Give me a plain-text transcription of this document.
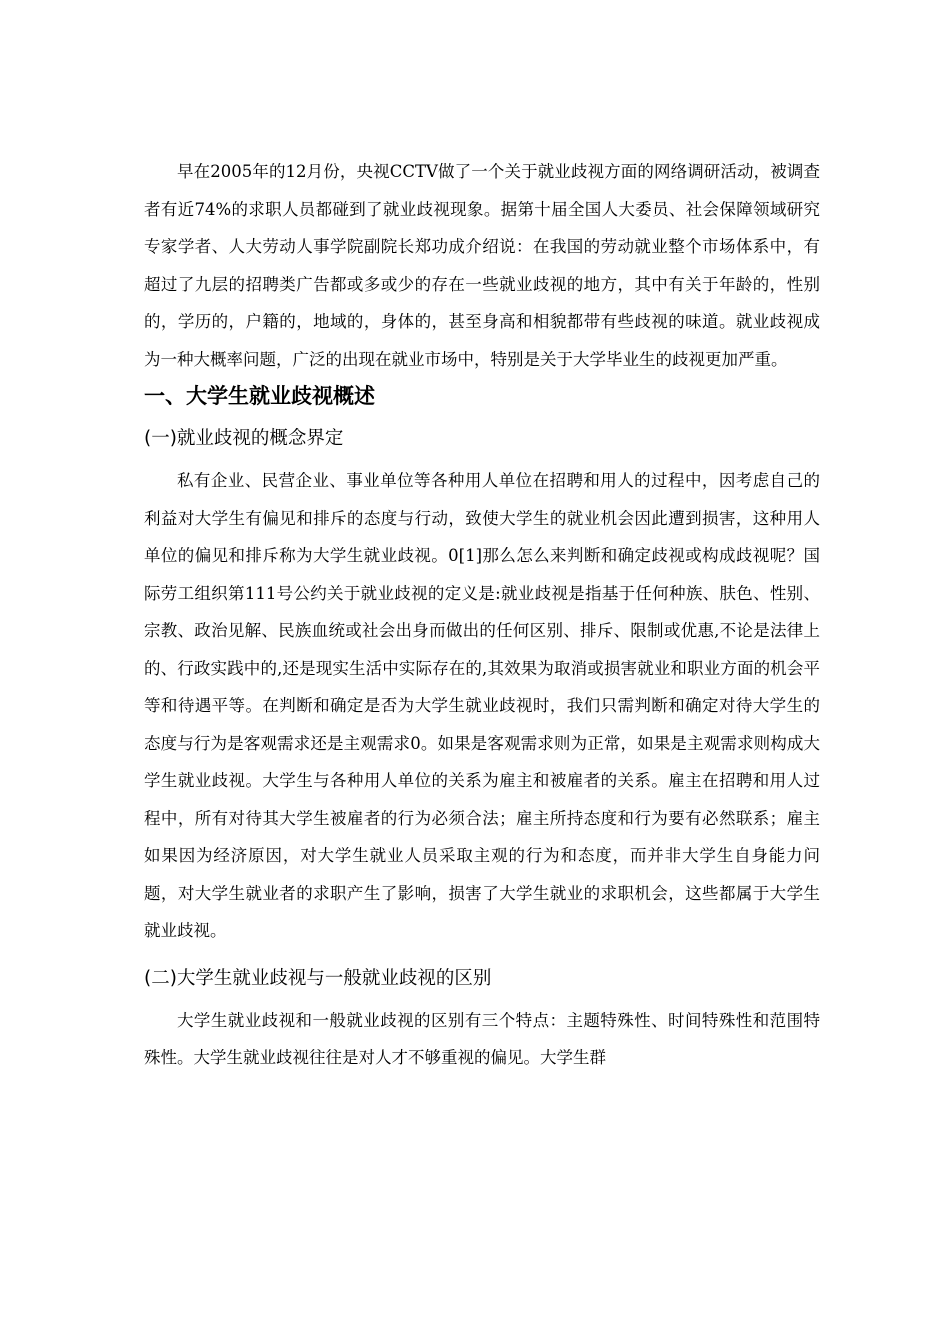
早在2005年的12月份，央视CCTV做了一个关于就业歧视方面的网络调研活动，被调查者有近74%的求职人员都碰到了就业歧视现象。据第十届全国人大委员、社会保障领域研究专家学者、人大劳动人事学院副院长郑功成介绍说：在我国的劳动就业整个市场体系中，有超过了九层的招聘类广告都或多或少的存在一些就业歧视的地方，其中有关于年龄的，性别的，学历的，户籍的，地域的，身体的，甚至身高和相貌都带有些歧视的味道。就业歧视成为一种大概率问题，广泛的出现在就业市场中，特别是关于大学毕业生的歧视更加严重。

一、大学生就业歧视概述
(一)就业歧视的概念界定

私有企业、民营企业、事业单位等各种用人单位在招聘和用人的过程中，因考虑自己的利益对大学生有偏见和排斥的态度与行动，致使大学生的就业机会因此遭到损害，这种用人单位的偏见和排斥称为大学生就业歧视。0[1]那么怎么来判断和确定歧视或构成歧视呢？国际劳工组织第111号公约关于就业歧视的定义是:就业歧视是指基于任何种族、肤色、性别、宗教、政治见解、民族血统或社会出身而做出的任何区别、排斥、限制或优惠,不论是法律上的、行政实践中的,还是现实生活中实际存在的,其效果为取消或损害就业和职业方面的机会平等和待遇平等。在判断和确定是否为大学生就业歧视时，我们只需判断和确定对待大学生的态度与行为是客观需求还是主观需求0。如果是客观需求则为正常，如果是主观需求则构成大学生就业歧视。大学生与各种用人单位的关系为雇主和被雇者的关系。雇主在招聘和用人过程中，所有对待其大学生被雇者的行为必须合法；雇主所持态度和行为要有必然联系；雇主如果因为经济原因，对大学生就业人员采取主观的行为和态度，而并非大学生自身能力问题，对大学生就业者的求职产生了影响，损害了大学生就业的求职机会，这些都属于大学生就业歧视。

(二)大学生就业歧视与一般就业歧视的区别

大学生就业歧视和一般就业歧视的区别有三个特点：主题特殊性、时间特殊性和范围特殊性。大学生就业歧视往往是对人才不够重视的偏见。大学生群
